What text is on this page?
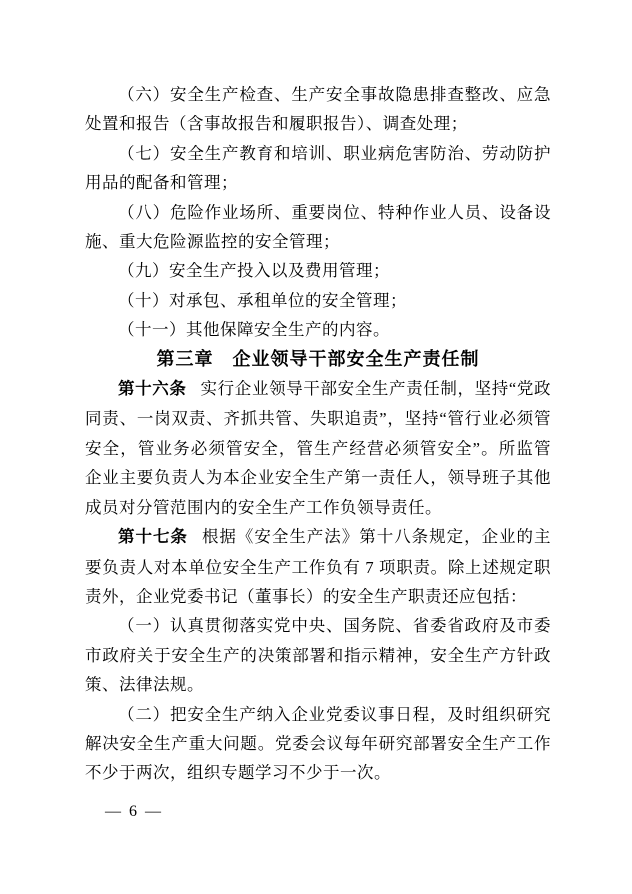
（六）安全生产检查、生产安全事故隐患排查整改、应急处置和报告（含事故报告和履职报告）、调查处理；

（七）安全生产教育和培训、职业病危害防治、劳动防护用品的配备和管理；

（八）危险作业场所、重要岗位、特种作业人员、设备设施、重大危险源监控的安全管理；

（九）安全生产投入以及费用管理；

（十）对承包、承租单位的安全管理；

（十一）其他保障安全生产的内容。

第三章　企业领导干部安全生产责任制

第十六条 实行企业领导干部安全生产责任制，坚持“党政同责、一岗双责、齐抓共管、失职追责”，坚持“管行业必须管安全，管业务必须管安全，管生产经营必须管安全”。所监管企业主要负责人为本企业安全生产第一责任人，领导班子其他成员对分管范围内的安全生产工作负领导责任。

第十七条 根据《安全生产法》第十八条规定，企业的主要负责人对本单位安全生产工作负有 7 项职责。除上述规定职责外，企业党委书记（董事长）的安全生产职责还应包括：

（一）认真贯彻落实党中央、国务院、省委省政府及市委市政府关于安全生产的决策部署和指示精神，安全生产方针政策、法律法规。

（二）把安全生产纳入企业党委议事日程，及时组织研究解决安全生产重大问题。党委会议每年研究部署安全生产工作不少于两次，组织专题学习不少于一次。

— 6 —
